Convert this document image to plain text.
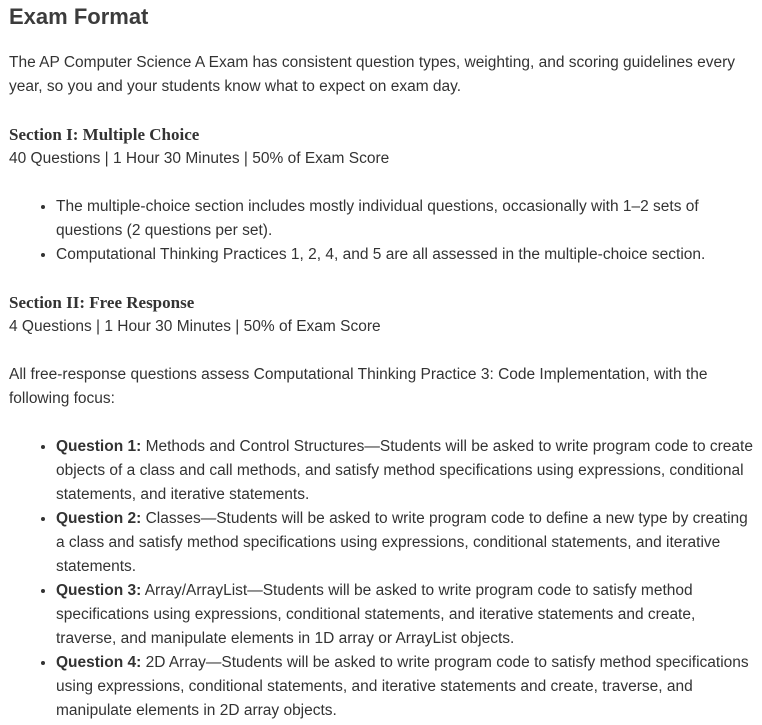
Exam Format

The AP Computer Science A Exam has consistent question types, weighting, and scoring guidelines every year, so you and your students know what to expect on exam day.

Section I: Multiple Choice

40 Questions | 1 Hour 30 Minutes | 50% of Exam Score

• The multiple-choice section includes mostly individual questions, occasionally with 1–2 sets of questions (2 questions per set).
• Computational Thinking Practices 1, 2, 4, and 5 are all assessed in the multiple-choice section.
Section II: Free Response

4 Questions | 1 Hour 30 Minutes | 50% of Exam Score

All free-response questions assess Computational Thinking Practice 3: Code Implementation, with the following focus:

• Question 1: Methods and Control Structures—Students will be asked to write program code to create objects of a class and call methods, and satisfy method specifications using expressions, conditional statements, and iterative statements.
• Question 2: Classes—Students will be asked to write program code to define a new type by creating a class and satisfy method specifications using expressions, conditional statements, and iterative statements.
• Question 3: Array/ArrayList—Students will be asked to write program code to satisfy method specifications using expressions, conditional statements, and iterative statements and create, traverse, and manipulate elements in 1D array or ArrayList objects.
• Question 4: 2D Array—Students will be asked to write program code to satisfy method specifications using expressions, conditional statements, and iterative statements and create, traverse, and manipulate elements in 2D array objects.
